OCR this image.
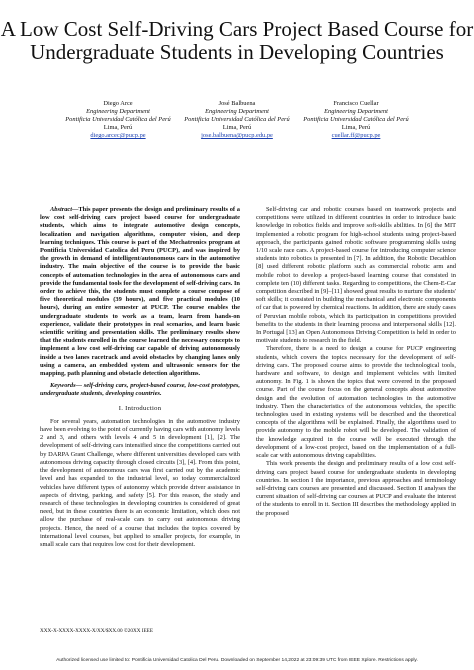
A Low Cost Self-Driving Cars Project Based Course for Undergraduate Students in Developing Countries
Diego Arce
Engineering Department
Pontificia Universidad Católica del Perú
Lima, Perú
diego.arcec@pucp.pe
José Balbuena
Engineering Department
Pontificia Universidad Católica del Perú
Lima, Perú
jose.balbuena@pucp.edu.pe
Francisco Cuellar
Engineering Department
Pontificia Universidad Católica del Perú
Lima, Perú
cuellar.ff@pucp.pe

Abstract—This paper presents the design and preliminary results of a low cost self-driving cars project based course for undergraduate students, which aims to integrate automotive design concepts, localization and navigation algorithms, computer vision, and deep learning techniques. This course is part of the Mechatronics program at Pontificia Universidad Catolica del Peru (PUCP), and was inspired by the growth in demand of intelligent/autonomous cars in the automotive industry. The main objective of the course is to provide the basic concepts of automation technologies in the area of autonomous cars and provide the fundamental tools for the development of self-driving cars. In order to achieve this, the students must complete a course compose of five theoretical modules (39 hours), and five practical modules (10 hours), during an entire semester at PUCP. The course enables the undergraduate students to work as a team, learn from hands-on experience, validate their prototypes in real scenarios, and learn basic scientific writing and presentation skills. The preliminary results show that the students enrolled in the course learned the necessary concepts to implement a low cost self-driving car capable of driving autonomously inside a two lanes racetrack and avoid obstacles by changing lanes only using a camera, an embedded system and ultrasonic sensors for the mapping, path planning and obstacle detection algorithms.

Keywords— self-driving cars, project-based course, low-cost prototypes, undergraduate students, developing countries.

I. Introduction

For several years, automation technologies in the automotive industry have been evolving to the point of currently having cars with autonomy levels 2 and 3, and others with levels 4 and 5 in development [1], [2]. The development of self-driving cars intensified since the competitions carried out by DARPA Grant Challenge, where different universities developed cars with autonomous driving capacity through closed circuits [3], [4]. From this point, the development of autonomous cars was first carried out by the academic level and has expanded to the industrial level, so today commercialized vehicles have different types of autonomy which provide driver assistance in aspects of driving, parking, and safety [5]. For this reason, the study and research of these technologies in developing countries is considered of great need, but in these countries there is an economic limitation, which does not allow the purchase of real-scale cars to carry out autonomous driving projects. Hence, the need of a course that includes the topics covered by international level courses, but applied to smaller projects, for example, in small scale cars that requires low cost for their development.

Self-driving car and robotic courses based on teamwork projects and competitions were utilized in different countries in order to introduce basic knowledge in robotics fields and improve soft-skills abilities. In [6] the MIT implemented a robotic program for high-school students using project-based approach, the participants gained robotic software programming skills using 1/10 scale race cars. A project-based course for introducing computer science students into robotics is presented in [7]. In addition, the Robotic Decathlon [8] used different robotic platform such as commercial robotic arm and mobile robot to develop a project-based learning course that consisted in complete ten (10) different tasks. Regarding to competitions, the Chem-E-Car competition described in [9]–[11] showed great results to nurture the students' soft skills; it consisted in building the mechanical and electronic components of car that is powered by chemical reactions. In addition, there are study cases of Peruvian mobile robots, which its participation in competitions provided benefits to the students in their learning process and interpersonal skills [12]. In Portugal [13] an Open Autonomous Driving Competition is held in order to motivate students to research in the field.

Therefore, there is a need to design a course for PUCP engineering students, which covers the topics necessary for the development of self-driving cars. The proposed course aims to provide the technological tools, hardware and software, to design and implement vehicles with limited autonomy. In Fig. 1 is shown the topics that were covered in the proposed course. Part of the course focus on the general concepts about automotive design and the evolution of automation technologies in the automotive industry. Then the characteristics of the autonomous vehicles, the specific technologies used in existing systems will be described and the theoretical concepts of the algorithms will be explained. Finally, the algorithms used to provide autonomy to the mobile robot will be developed. The validation of the knowledge acquired in the course will be executed through the development of a low-cost project, based on the implementation of a full-scale car with autonomous driving capabilities.

This work presents the design and preliminary results of a low cost self-driving cars project based course for undergraduate students in developing countries. In section I the importance, previous approaches and terminology self-driving cars courses are presented and discussed. Section II analyses the current situation of self-driving car courses at PUCP and evaluate the interest of the students to enroll in it. Section III describes the methodology applied in the proposed

XXX-X-XXXX-XXXX-X/XX/$XX.00 ©20XX IEEE
Authorized licensed use limited to: Pontificia Universidad Catolica Del Peru. Downloaded on September 14,2022 at 23:09:39 UTC from IEEE Xplore. Restrictions apply.
